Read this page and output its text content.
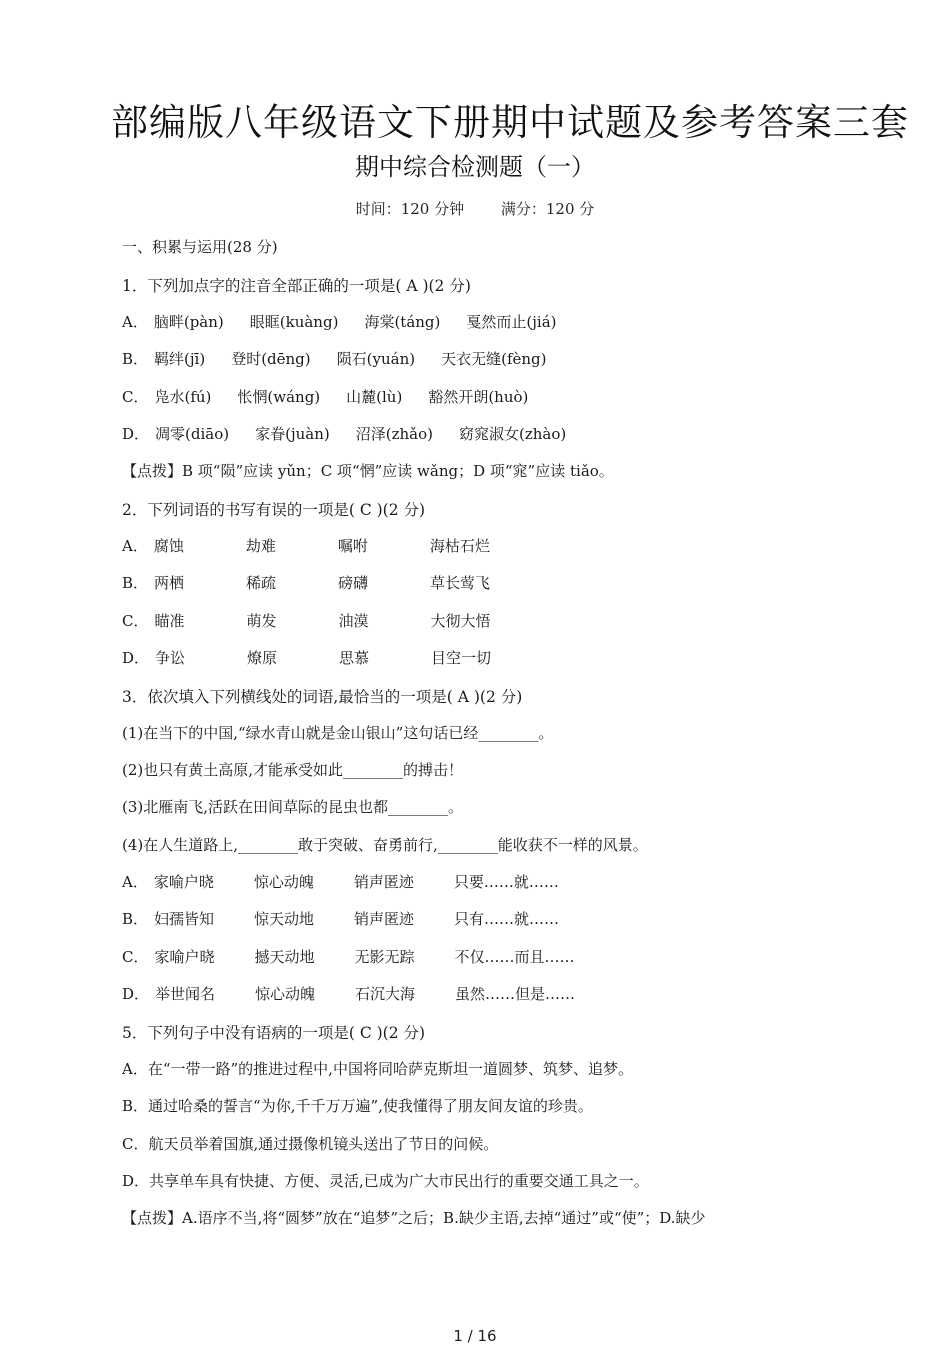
部编版八年级语文下册期中试题及参考答案三套
期中综合检测题（一）
时间：120 分钟 满分：120 分
一、积累与运用(28 分)
1．下列加点字的注音全部正确的一项是( A )(2 分)
A． 脑畔(pàn) 眼眶(kuàng) 海棠(táng) 戛然而止(jiá)
B． 羁绊(jī) 登时(dēng) 陨石(yuán) 天衣无缝(fèng)
C． 凫水(fú) 怅惘(wáng) 山麓(lù) 豁然开朗(huò)
D． 凋零(diāo) 家眷(juàn) 沼泽(zhǎo) 窈窕淑女(zhào)
【点拨】B 项“陨”应读 yǔn；C 项“惘”应读 wǎng；D 项“窕”应读 tiǎo。
2．下列词语的书写有误的一项是( C )(2 分)
A． 腐蚀	劫难	嘱咐	海枯石烂
B． 两栖	稀疏	磅礴	草长莺飞
C． 瞄准	萌发	油漠	大彻大悟
D． 争讼	燎原	思慕	目空一切
3．依次填入下列横线处的词语,最恰当的一项是( A )(2 分)
(1)在当下的中国,“绿水青山就是金山银山”这句话已经________。
(2)也只有黄土高原,才能承受如此________的搏击！
(3)北雁南飞,活跃在田间草际的昆虫也都________。
(4)在人生道路上,________敢于突破、奋勇前行,________能收获不一样的风景。
A． 家喻户晓	惊心动魄	销声匿迹	只要……就……
B． 妇孺皆知	惊天动地	销声匿迹	只有……就……
C． 家喻户晓	撼天动地	无影无踪	不仅……而且……
D． 举世闻名	惊心动魄	石沉大海	虽然……但是……
5．下列句子中没有语病的一项是( C )(2 分)
A．在“一带一路”的推进过程中,中国将同哈萨克斯坦一道圆梦、筑梦、追梦。
B．通过哈桑的誓言“为你,千千万万遍”,使我懂得了朋友间友谊的珍贵。
C．航天员举着国旗,通过摄像机镜头送出了节日的问候。
D．共享单车具有快捷、方便、灵活,已成为广大市民出行的重要交通工具之一。
【点拨】A.语序不当,将“圆梦”放在“追梦”之后；B.缺少主语,去掉“通过”或“使”；D.缺少
1 / 16
